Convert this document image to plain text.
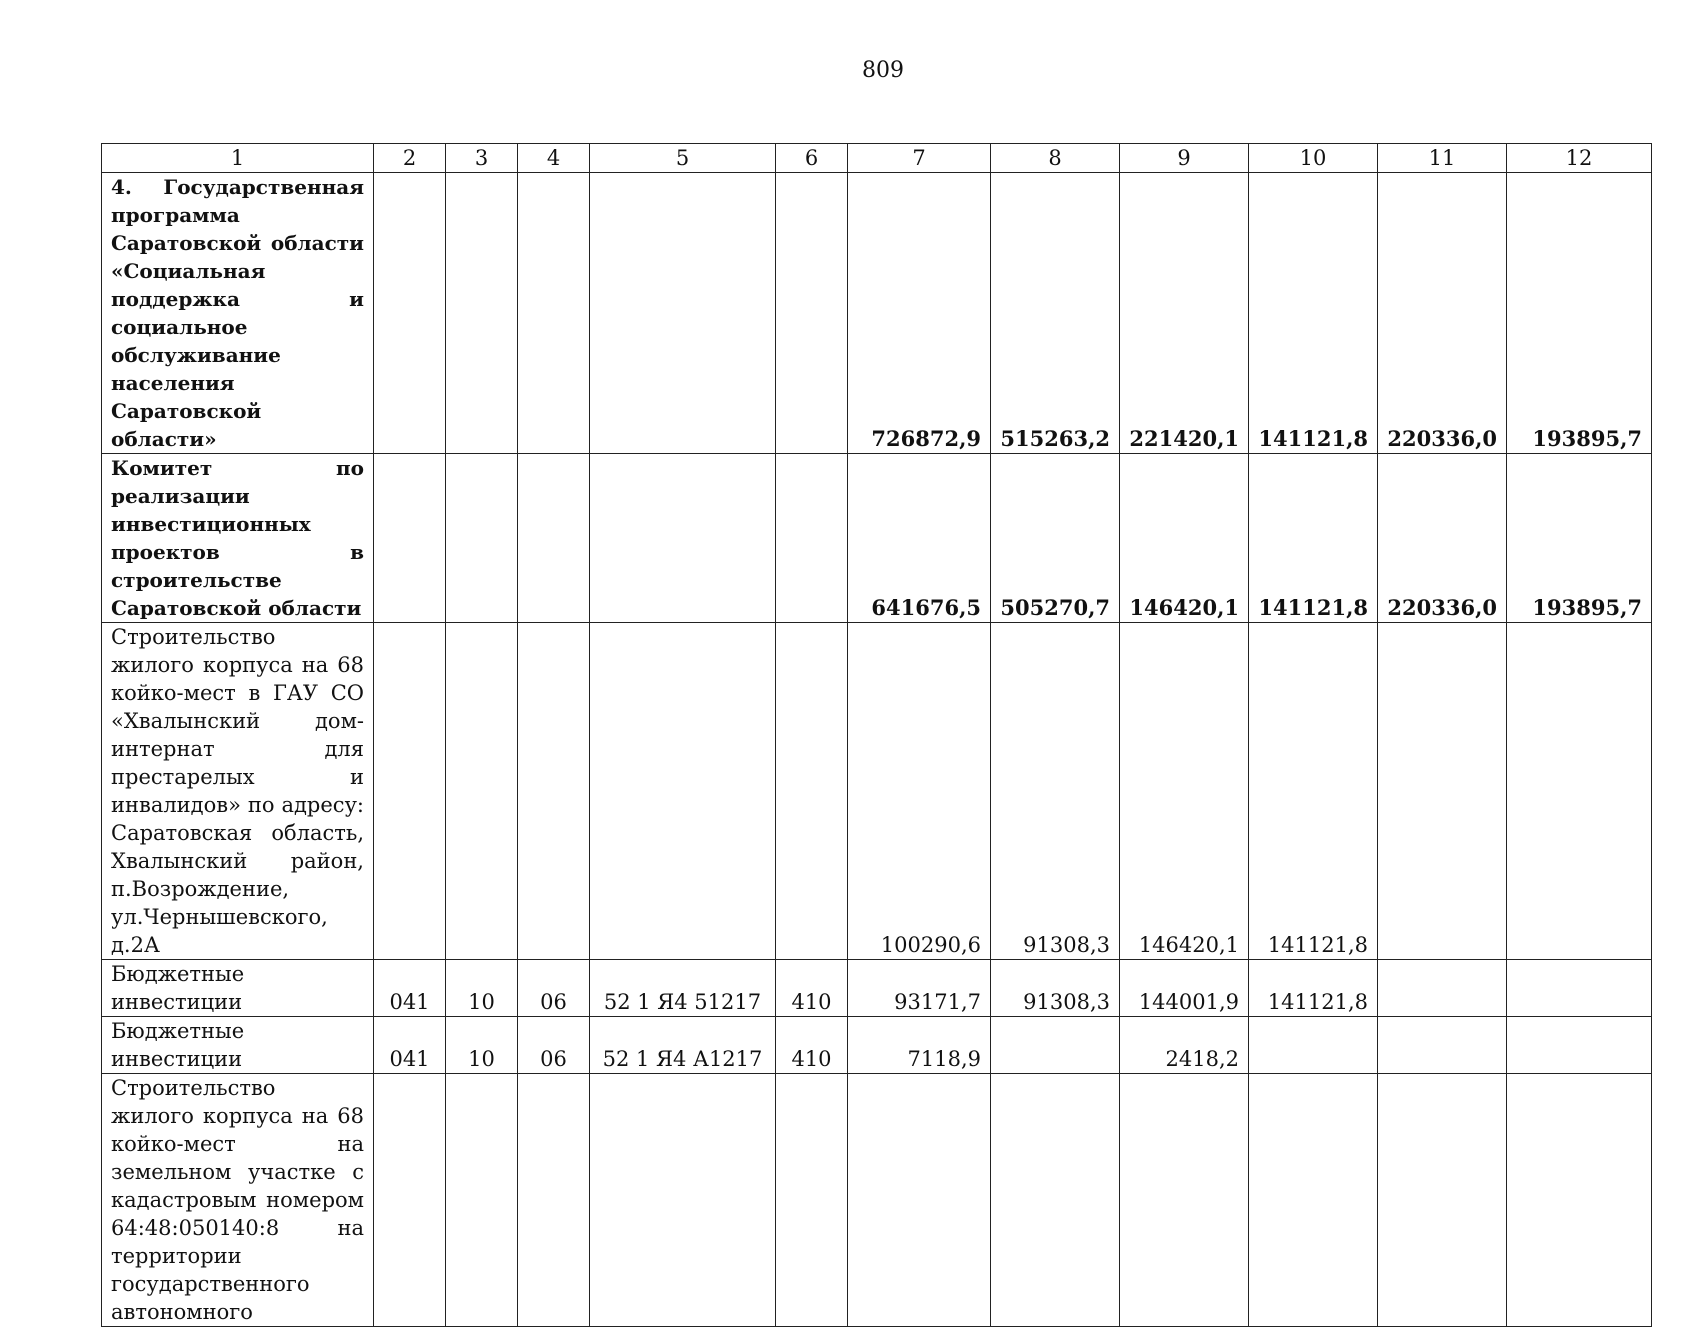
809
1	2	3	4	5	6	7	8	9	10	11	12
4. Государственная программа Саратовской области «Социальная поддержка и социальное обслуживание населения Саратовской области»						726872,9	515263,2	221420,1	141121,8	220336,0	193895,7
Комитет по реализации инвестиционных проектов в строительстве Саратовской области						641676,5	505270,7	146420,1	141121,8	220336,0	193895,7
Строительство жилого корпуса на 68 койко-мест в ГАУ СО «Хвалынский дом-интернат для престарелых и инвалидов» по адресу: Саратовская область, Хвалынский район, п.Возрождение, ул.Чернышевского, д.2А						100290,6	91308,3	146420,1	141121,8		
Бюджетные инвестиции	041	10	06	52 1 Я4 51217	410	93171,7	91308,3	144001,9	141121,8		
Бюджетные инвестиции	041	10	06	52 1 Я4 А1217	410	7118,9		2418,2			
Строительство жилого корпуса на 68 койко-мест на земельном участке с кадастровым номером 64:48:050140:8 на территории государственного автономного											
